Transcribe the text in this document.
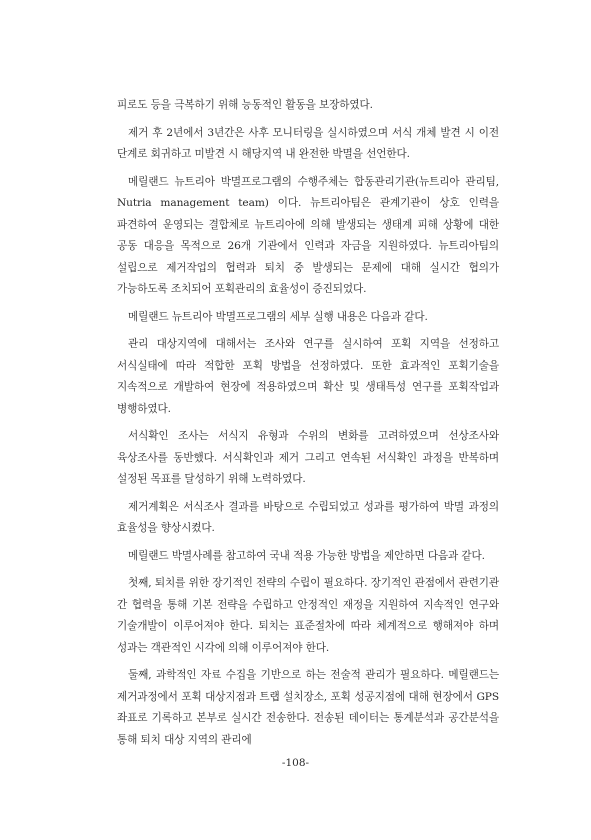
피로도 등을 극복하기 위해 능동적인 활동을 보장하였다.

제거 후 2년에서 3년간은 사후 모니터링을 실시하였으며 서식 개체 발견 시 이전 단계로 회귀하고 미발견 시 해당지역 내 완전한 박멸을 선언한다.

메릴랜드 뉴트리아 박멸프로그램의 수행주체는 합동관리기관(뉴트리아 관리팀, Nutria management team) 이다. 뉴트리아팀은 관계기관이 상호 인력을 파견하여 운영되는 결합체로 뉴트리아에 의해 발생되는 생태계 피해 상황에 대한 공동 대응을 목적으로 26개 기관에서 인력과 자금을 지원하였다. 뉴트리아팀의 설립으로 제거작업의 협력과 퇴치 중 발생되는 문제에 대해 실시간 협의가 가능하도록 조치되어 포획관리의 효율성이 증진되었다.

메릴랜드 뉴트리아 박멸프로그램의 세부 실행 내용은 다음과 같다.

관리 대상지역에 대해서는 조사와 연구를 실시하여 포획 지역을 선정하고 서식실태에 따라 적합한 포획 방법을 선정하였다. 또한 효과적인 포획기술을 지속적으로 개발하여 현장에 적용하였으며 확산 및 생태특성 연구를 포획작업과 병행하였다.

서식확인 조사는 서식지 유형과 수위의 변화를 고려하였으며 선상조사와 육상조사를 동반했다. 서식확인과 제거 그리고 연속된 서식확인 과정을 반복하며 설정된 목표를 달성하기 위해 노력하였다.

제거계획은 서식조사 결과를 바탕으로 수립되었고 성과를 평가하여 박멸 과정의 효율성을 향상시켰다.

메릴랜드 박멸사례를 참고하여 국내 적용 가능한 방법을 제안하면 다음과 같다.

첫째, 퇴치를 위한 장기적인 전략의 수립이 필요하다. 장기적인 관점에서 관련기관 간 협력을 통해 기본 전략을 수립하고 안정적인 재정을 지원하여 지속적인 연구와 기술개발이 이루어져야 한다. 퇴치는 표준절차에 따라 체계적으로 행해져야 하며 성과는 객관적인 시각에 의해 이루어져야 한다.

둘째, 과학적인 자료 수집을 기반으로 하는 전술적 관리가 필요하다. 메릴랜드는 제거과정에서 포획 대상지점과 트랩 설치장소, 포획 성공지점에 대해 현장에서 GPS 좌표로 기록하고 본부로 실시간 전송한다. 전송된 데이터는 통계분석과 공간분석을 통해 퇴치 대상 지역의 관리에

-108-
